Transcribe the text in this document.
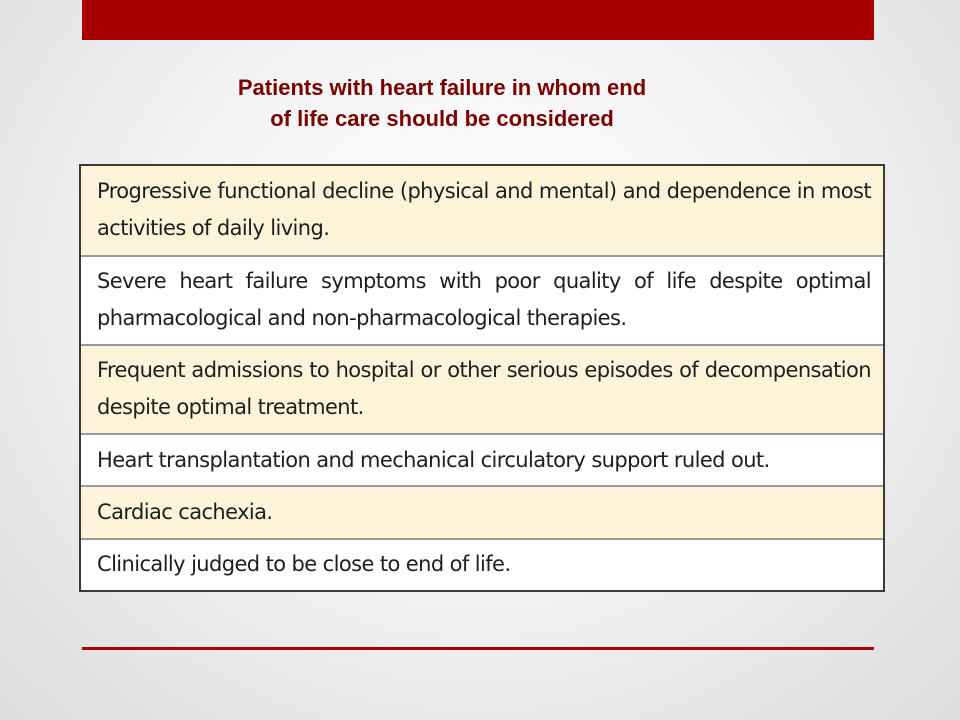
Patients with heart failure in whom end
of life care should be considered
Progressive functional decline (physical and mental) and dependence in most activities of daily living.
Severe heart failure symptoms with poor quality of life despite optimal pharmacological and non-pharmacological therapies.
Frequent admissions to hospital or other serious episodes of decompensation despite optimal treatment.
Heart transplantation and mechanical circulatory support ruled out.
Cardiac cachexia.
Clinically judged to be close to end of life.
